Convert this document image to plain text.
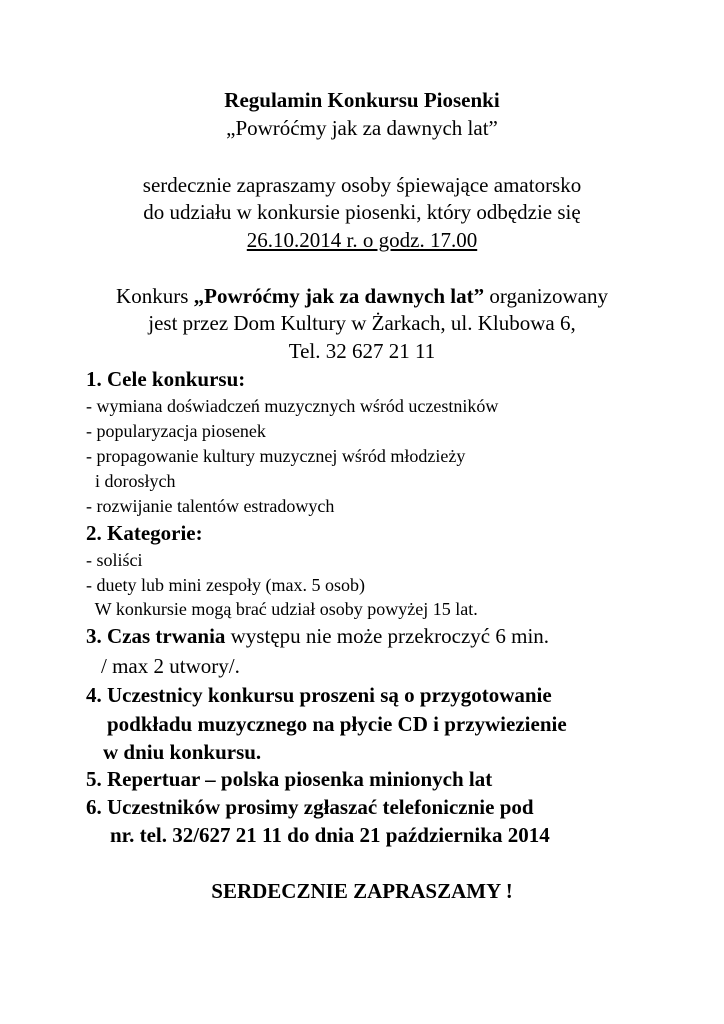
Regulamin Konkursu Piosenki
„Powróćmy jak za dawnych lat”
serdecznie zapraszamy osoby śpiewające amatorsko
do udziału w konkursie piosenki, który odbędzie się
26.10.2014 r. o godz. 17.00
Konkurs „Powróćmy jak za dawnych lat” organizowany
jest przez Dom Kultury w Żarkach, ul. Klubowa 6,
Tel. 32 627 21 11
1. Cele konkursu:
- wymiana doświadczeń muzycznych wśród uczestników
- popularyzacja piosenek
- propagowanie kultury muzycznej wśród młodzieży
i dorosłych
- rozwijanie talentów estradowych
2. Kategorie:
- soliści
- duety lub mini zespoły (max. 5 osob)
W konkursie mogą brać udział osoby powyżej 15 lat.
3. Czas trwania występu nie może przekroczyć 6 min.
/ max 2 utwory/.
4. Uczestnicy konkursu proszeni są o przygotowanie
podkładu muzycznego na płycie CD i przywiezienie
w dniu konkursu.
5. Repertuar – polska piosenka minionych lat
6. Uczestników prosimy zgłaszać telefonicznie pod
nr. tel. 32/627 21 11 do dnia 21 października 2014
SERDECZNIE ZAPRASZAMY !
